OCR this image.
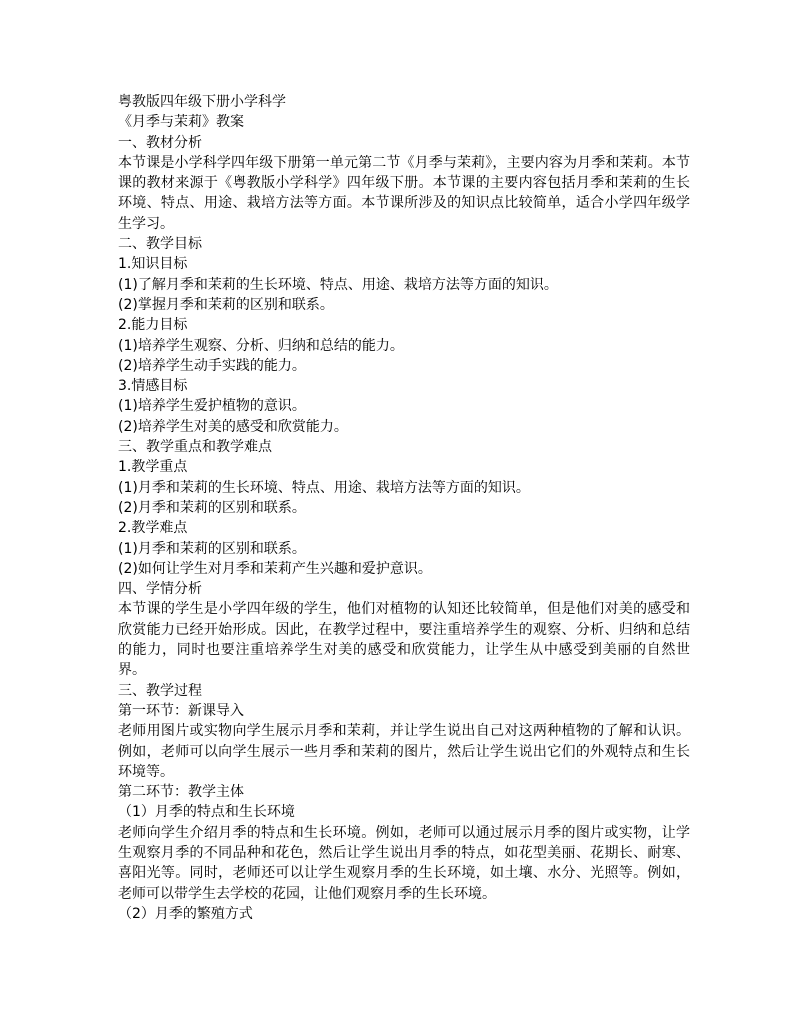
粤教版四年级下册小学科学
《月季与茉莉》教案
一、教材分析
本节课是小学科学四年级下册第一单元第二节《月季与茉莉》，主要内容为月季和茉莉。本节课的教材来源于《粤教版小学科学》四年级下册。本节课的主要内容包括月季和茉莉的生长环境、特点、用途、栽培方法等方面。本节课所涉及的知识点比较简单，适合小学四年级学生学习。
二、教学目标
1.知识目标
(1)了解月季和茉莉的生长环境、特点、用途、栽培方法等方面的知识。
(2)掌握月季和茉莉的区别和联系。
2.能力目标
(1)培养学生观察、分析、归纳和总结的能力。
(2)培养学生动手实践的能力。
3.情感目标
(1)培养学生爱护植物的意识。
(2)培养学生对美的感受和欣赏能力。
三、教学重点和教学难点
1.教学重点
(1)月季和茉莉的生长环境、特点、用途、栽培方法等方面的知识。
(2)月季和茉莉的区别和联系。
2.教学难点
(1)月季和茉莉的区别和联系。
(2)如何让学生对月季和茉莉产生兴趣和爱护意识。
四、学情分析
本节课的学生是小学四年级的学生，他们对植物的认知还比较简单，但是他们对美的感受和欣赏能力已经开始形成。因此，在教学过程中，要注重培养学生的观察、分析、归纳和总结的能力，同时也要注重培养学生对美的感受和欣赏能力，让学生从中感受到美丽的自然世界。
三、教学过程
第一环节：新课导入
老师用图片或实物向学生展示月季和茉莉，并让学生说出自己对这两种植物的了解和认识。例如，老师可以向学生展示一些月季和茉莉的图片，然后让学生说出它们的外观特点和生长环境等。
第二环节：教学主体
（1）月季的特点和生长环境
老师向学生介绍月季的特点和生长环境。例如，老师可以通过展示月季的图片或实物，让学生观察月季的不同品种和花色，然后让学生说出月季的特点，如花型美丽、花期长、耐寒、喜阳光等。同时，老师还可以让学生观察月季的生长环境，如土壤、水分、光照等。例如，老师可以带学生去学校的花园，让他们观察月季的生长环境。
（2）月季的繁殖方式
